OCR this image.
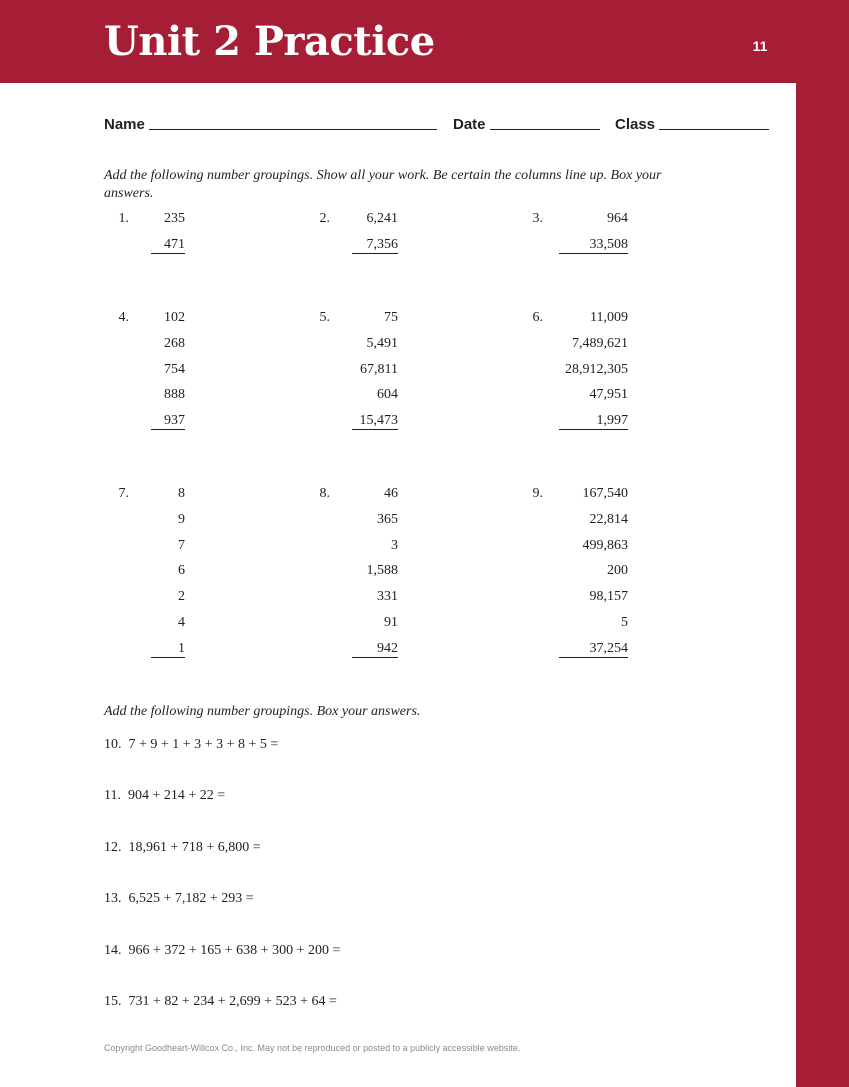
Unit 2 Practice	11
Name	Date	Class
Add the following number groupings. Show all your work. Be certain the columns line up. Box your answers.
1.	235
471
2.	6,241
7,356
3.	964
33,508
4.	102
268
754
888
937
5.	75
5,491
67,811
604
15,473
6.	11,009
7,489,621
28,912,305
47,951
1,997
7.	8
9
7
6
2
4
1
8.	46
365
3
1,588
331
91
942
9.	167,540
22,814
499,863
200
98,157
5
37,254
Add the following number groupings. Box your answers.
10.  7 + 9 + 1 + 3 + 3 + 8 + 5 =
11.  904 + 214 + 22 =
12.  18,961 + 718 + 6,800 =
13.  6,525 + 7,182 + 293 =
14.  966 + 372 + 165 + 638 + 300 + 200 =
15.  731 + 82 + 234 + 2,699 + 523 + 64 =
Copyright Goodheart-Willcox Co., Inc. May not be reproduced or posted to a publicly accessible website.
